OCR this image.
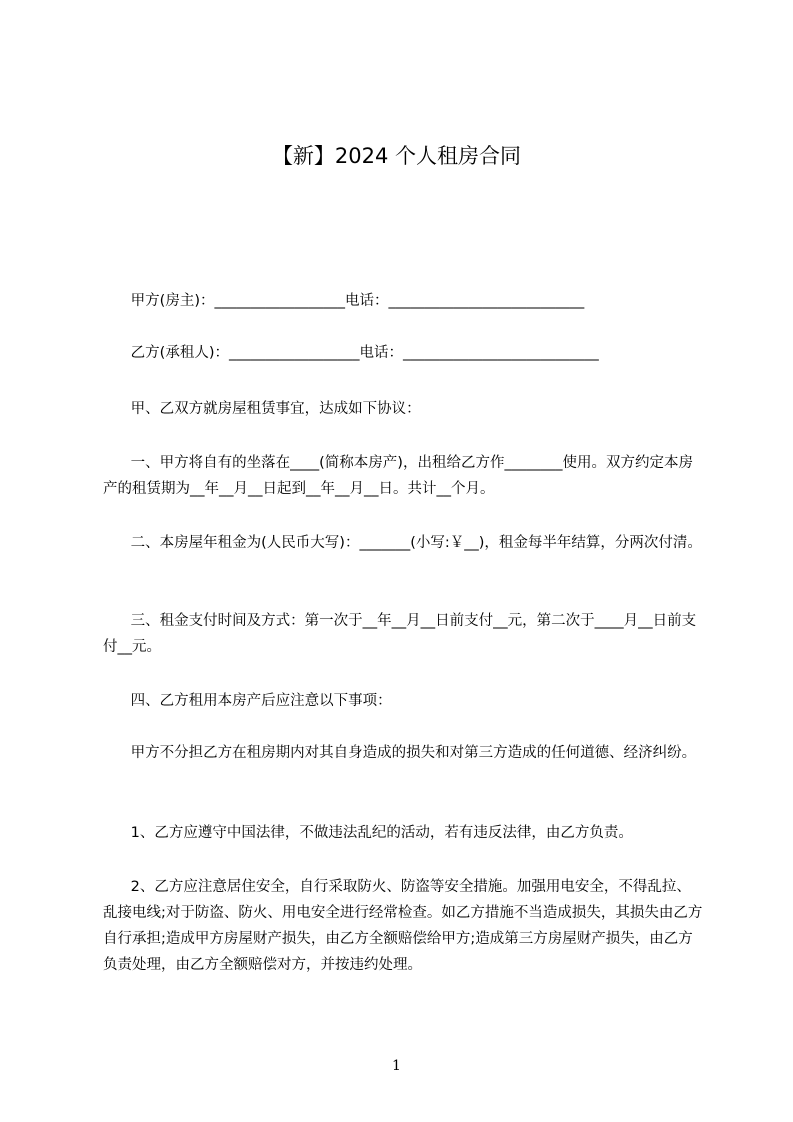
【新】2024 个人租房合同
甲方(房主)：__________________电话：___________________________
乙方(承租人)：__________________电话：___________________________
甲、乙双方就房屋租赁事宜，达成如下协议：
一、甲方将自有的坐落在____(简称本房产)，出租给乙方作________使用。双方约定本房产的租赁期为__年__月__日起到__年__月__日。共计__个月。
二、本房屋年租金为(人民币大写)：_______(小写:￥__)，租金每半年结算，分两次付清。
三、租金支付时间及方式：第一次于__年__月__日前支付__元，第二次于____月__日前支付__元。
四、乙方租用本房产后应注意以下事项：
甲方不分担乙方在租房期内对其自身造成的损失和对第三方造成的任何道德、经济纠纷。
1、乙方应遵守中国法律，不做违法乱纪的活动，若有违反法律，由乙方负责。
2、乙方应注意居住安全，自行采取防火、防盗等安全措施。加强用电安全，不得乱拉、乱接电线;对于防盗、防火、用电安全进行经常检查。如乙方措施不当造成损失，其损失由乙方自行承担;造成甲方房屋财产损失，由乙方全额赔偿给甲方;造成第三方房屋财产损失，由乙方负责处理，由乙方全额赔偿对方，并按违约处理。
1
